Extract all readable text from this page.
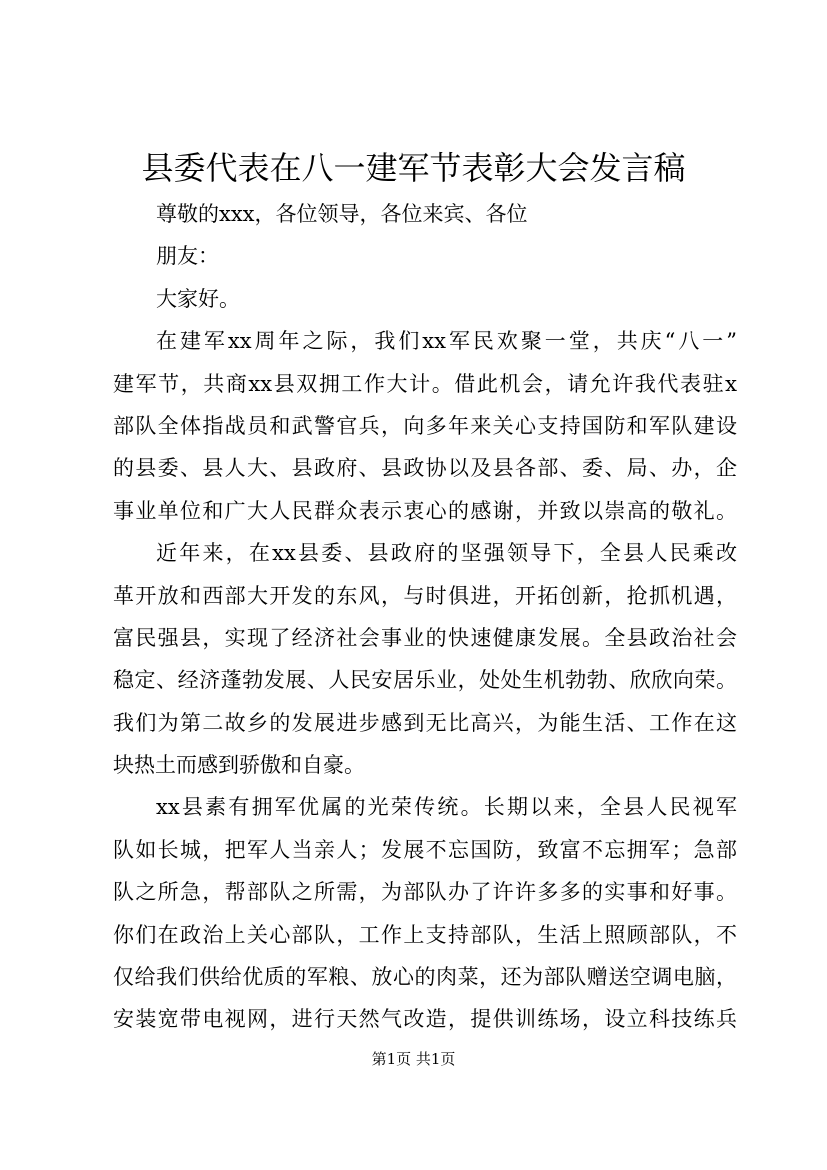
县委代表在八一建军节表彰大会发言稿
尊敬的xxx，各位领导，各位来宾、各位
朋友：
大家好。
在建军xx周年之际，我们xx军民欢聚一堂，共庆“八一”
建军节，共商xx县双拥工作大计。借此机会，请允许我代表驻x
部队全体指战员和武警官兵，向多年来关心支持国防和军队建设
的县委、县人大、县政府、县政协以及县各部、委、局、办，企
事业单位和广大人民群众表示衷心的感谢，并致以崇高的敬礼。
近年来，在xx县委、县政府的坚强领导下，全县人民乘改
革开放和西部大开发的东风，与时俱进，开拓创新，抢抓机遇，
富民强县，实现了经济社会事业的快速健康发展。全县政治社会
稳定、经济蓬勃发展、人民安居乐业，处处生机勃勃、欣欣向荣。
我们为第二故乡的发展进步感到无比高兴，为能生活、工作在这
块热土而感到骄傲和自豪。
xx县素有拥军优属的光荣传统。长期以来，全县人民视军
队如长城，把军人当亲人；发展不忘国防，致富不忘拥军；急部
队之所急，帮部队之所需，为部队办了许许多多的实事和好事。
你们在政治上关心部队，工作上支持部队，生活上照顾部队，不
仅给我们供给优质的军粮、放心的肉菜，还为部队赠送空调电脑，
安装宽带电视网，进行天然气改造，提供训练场，设立科技练兵
第1页 共1页
